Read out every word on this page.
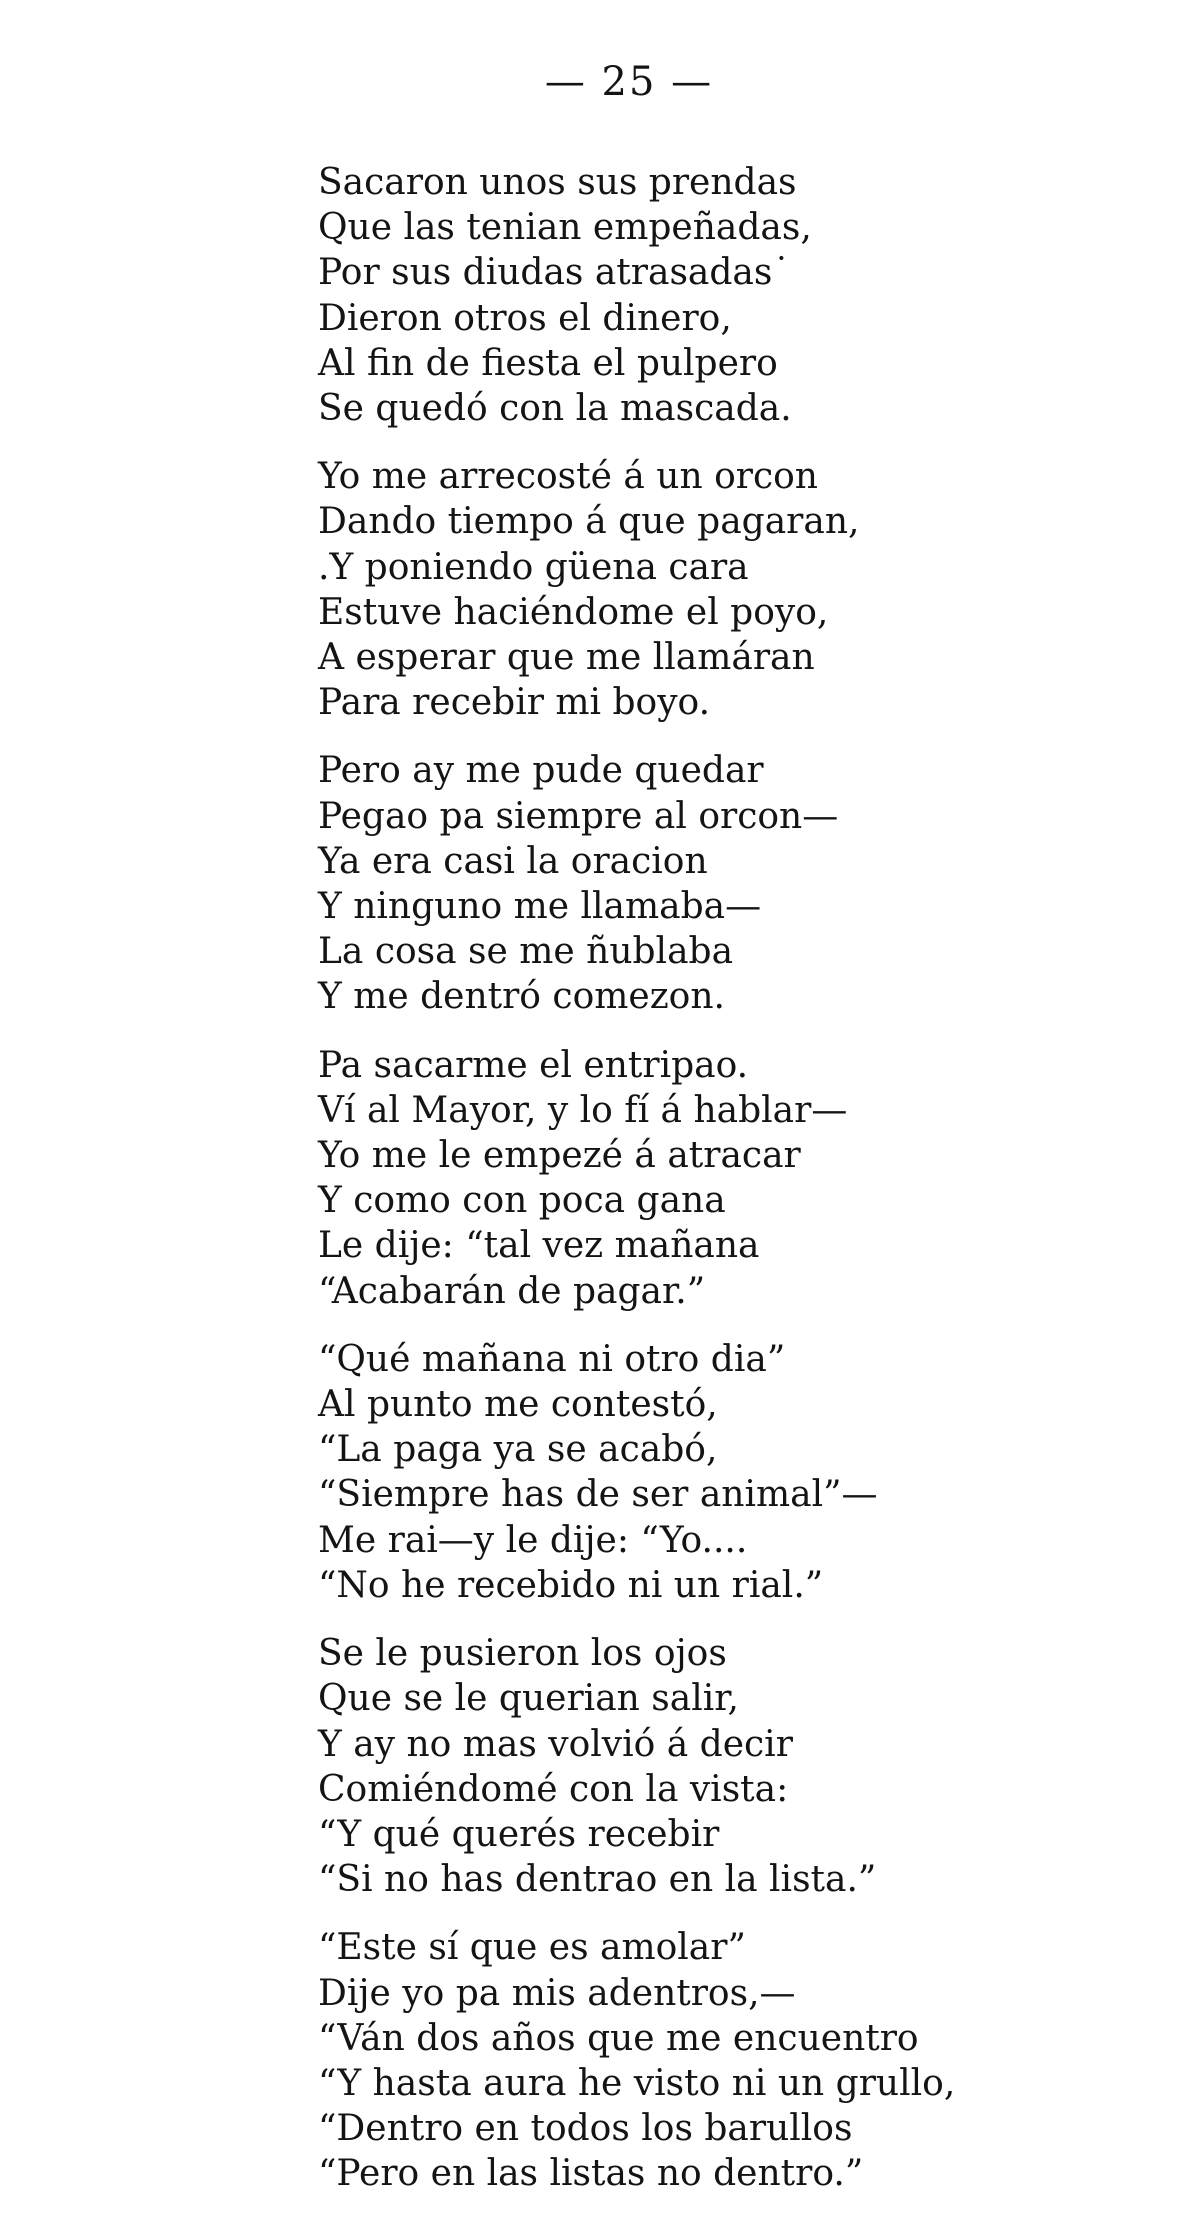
— 25 —
Sacaron unos sus prendas
Que las tenian empeñadas,
Por sus diudas atrasadas˙
Dieron otros el dinero,
Al fin de fiesta el pulpero
Se quedó con la mascada.
Yo me arrecosté á un orcon
Dando tiempo á que pagaran,
.Y poniendo güena cara
Estuve haciéndome el poyo,
A esperar que me llamáran
Para recebir mi boyo.
Pero ay me pude quedar
Pegao pa siempre al orcon—
Ya era casi la oracion
Y ninguno me llamaba—
La cosa se me ñublaba
Y me dentró comezon.
Pa sacarme el entripao.
Ví al Mayor, y lo fí á hablar—
Yo me le empezé á atracar
Y como con poca gana
Le dije: “tal vez mañana
“Acabarán de pagar.”
“Qué mañana ni otro dia”
Al punto me contestó,
“La paga ya se acabó,
“Siempre has de ser animal”—
Me rai—y le dije: “Yo....
“No he recebido ni un rial.”
Se le pusieron los ojos
Que se le querian salir,
Y ay no mas volvió á decir
Comiéndomé con la vista:
“Y qué querés recebir
“Si no has dentrao en la lista.”
“Este sí que es amolar”
Dije yo pa mis adentros,—
“Ván dos años que me encuentro
“Y hasta aura he visto ni un grullo,
“Dentro en todos los barullos
“Pero en las listas no dentro.”
